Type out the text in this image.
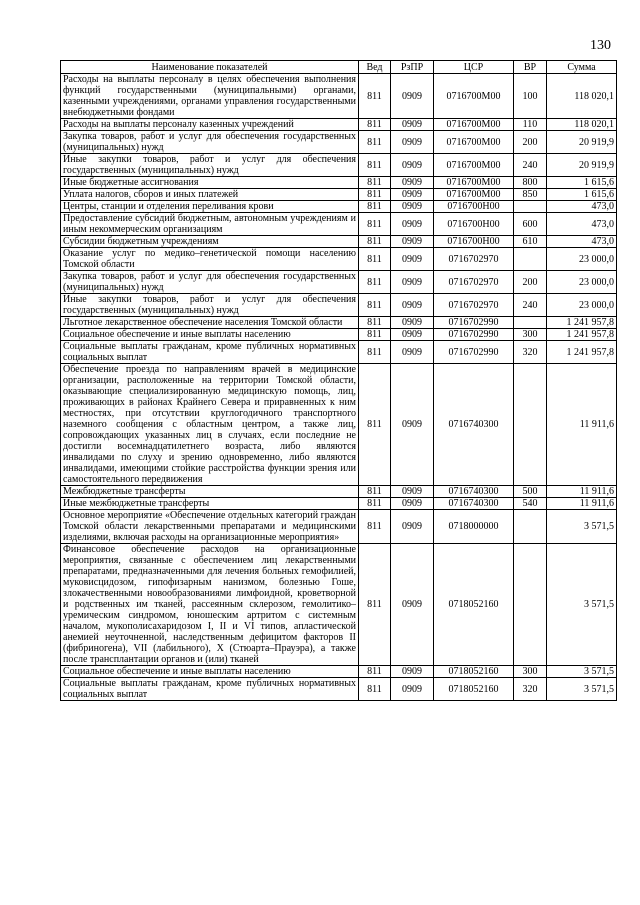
130
Наименование показателей	Вед	РзПР	ЦСР	ВР	Сумма
Расходы на выплаты персоналу в целях обеспечения выполнения функций государственными (муниципальными) органами, казенными учреждениями, органами управления государственными внебюджетными фондами	811	0909	0716700М00	100	118 020,1
Расходы на выплаты персоналу казенных учреждений	811	0909	0716700М00	110	118 020,1
Закупка товаров, работ и услуг для обеспечения государственных (муниципальных) нужд	811	0909	0716700М00	200	20 919,9
Иные закупки товаров, работ и услуг для обеспечения государственных (муниципальных) нужд	811	0909	0716700М00	240	20 919,9
Иные бюджетные ассигнования	811	0909	0716700М00	800	1 615,6
Уплата налогов, сборов и иных платежей	811	0909	0716700М00	850	1 615,6
Центры, станции и отделения переливания крови	811	0909	0716700Н00		473,0
Предоставление субсидий бюджетным, автономным учреждениям и иным некоммерческим организациям	811	0909	0716700Н00	600	473,0
Субсидии бюджетным учреждениям	811	0909	0716700Н00	610	473,0
Оказание услуг по медико–генетической помощи населению Томской области	811	0909	0716702970		23 000,0
Закупка товаров, работ и услуг для обеспечения государственных (муниципальных) нужд	811	0909	0716702970	200	23 000,0
Иные закупки товаров, работ и услуг для обеспечения государственных (муниципальных) нужд	811	0909	0716702970	240	23 000,0
Льготное лекарственное обеспечение населения Томской области	811	0909	0716702990		1 241 957,8
Социальное обеспечение и иные выплаты населению	811	0909	0716702990	300	1 241 957,8
Социальные выплаты гражданам, кроме публичных нормативных социальных выплат	811	0909	0716702990	320	1 241 957,8
Обеспечение проезда по направлениям врачей в медицинские организации, расположенные на территории Томской области, оказывающие специализированную медицинскую помощь, лиц, проживающих в районах Крайнего Севера и приравненных к ним местностях, при отсутствии круглогодичного транспортного наземного сообщения с областным центром, а также лиц, сопровождающих указанных лиц в случаях, если последние не достигли восемнадцатилетнего возраста, либо являются инвалидами по слуху и зрению одновременно, либо являются инвалидами, имеющими стойкие расстройства функции зрения или самостоятельного передвижения	811	0909	0716740300		11 911,6
Межбюджетные трансферты	811	0909	0716740300	500	11 911,6
Иные межбюджетные трансферты	811	0909	0716740300	540	11 911,6
Основное мероприятие «Обеспечение отдельных категорий граждан Томской области лекарственными препаратами и медицинскими изделиями, включая расходы на организационные мероприятия»	811	0909	0718000000		3 571,5
Финансовое обеспечение расходов на организационные мероприятия, связанные с обеспечением лиц лекарственными препаратами, предназначенными для лечения больных гемофилией, муковисцидозом, гипофизарным нанизмом, болезнью Гоше, злокачественными новообразованиями лимфоидной, кроветворной и родственных им тканей, рассеянным склерозом, гемолитико–уремическим синдромом, юношеским артритом с системным началом, мукополисахаридозом I, II и VI типов, апластической анемией неуточненной, наследственным дефицитом факторов II (фибриногена), VII (лабильного), X (Стюарта–Прауэра), а также после трансплантации органов и (или) тканей	811	0909	0718052160		3 571,5
Социальное обеспечение и иные выплаты населению	811	0909	0718052160	300	3 571,5
Социальные выплаты гражданам, кроме публичных нормативных социальных выплат	811	0909	0718052160	320	3 571,5
